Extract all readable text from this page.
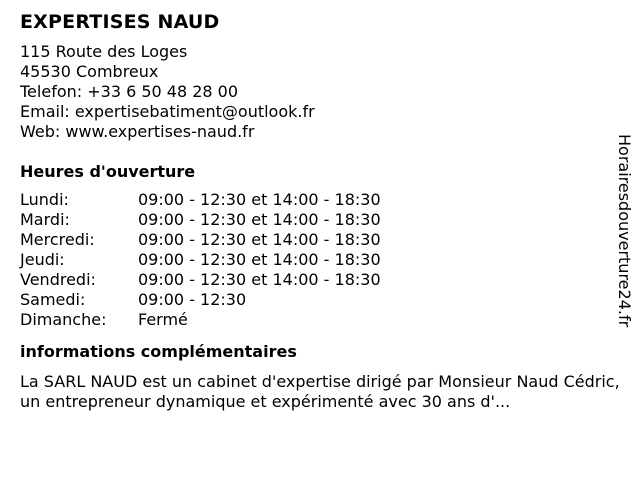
EXPERTISES NAUD
115 Route des Loges
45530 Combreux
Telefon: +33 6 50 48 28 00
Email: expertisebatiment@outlook.fr
Web: www.expertises-naud.fr
Heures d'ouverture
Lundi:	09:00 - 12:30 et 14:00 - 18:30
Mardi:	09:00 - 12:30 et 14:00 - 18:30
Mercredi:	09:00 - 12:30 et 14:00 - 18:30
Jeudi:	09:00 - 12:30 et 14:00 - 18:30
Vendredi:	09:00 - 12:30 et 14:00 - 18:30
Samedi:	09:00 - 12:30
Dimanche:	Fermé
informations complémentaires
La SARL NAUD est un cabinet d'expertise dirigé par Monsieur Naud Cédric, un entrepreneur dynamique et expérimenté avec 30 ans d'...
Horairesdouverture24.fr
